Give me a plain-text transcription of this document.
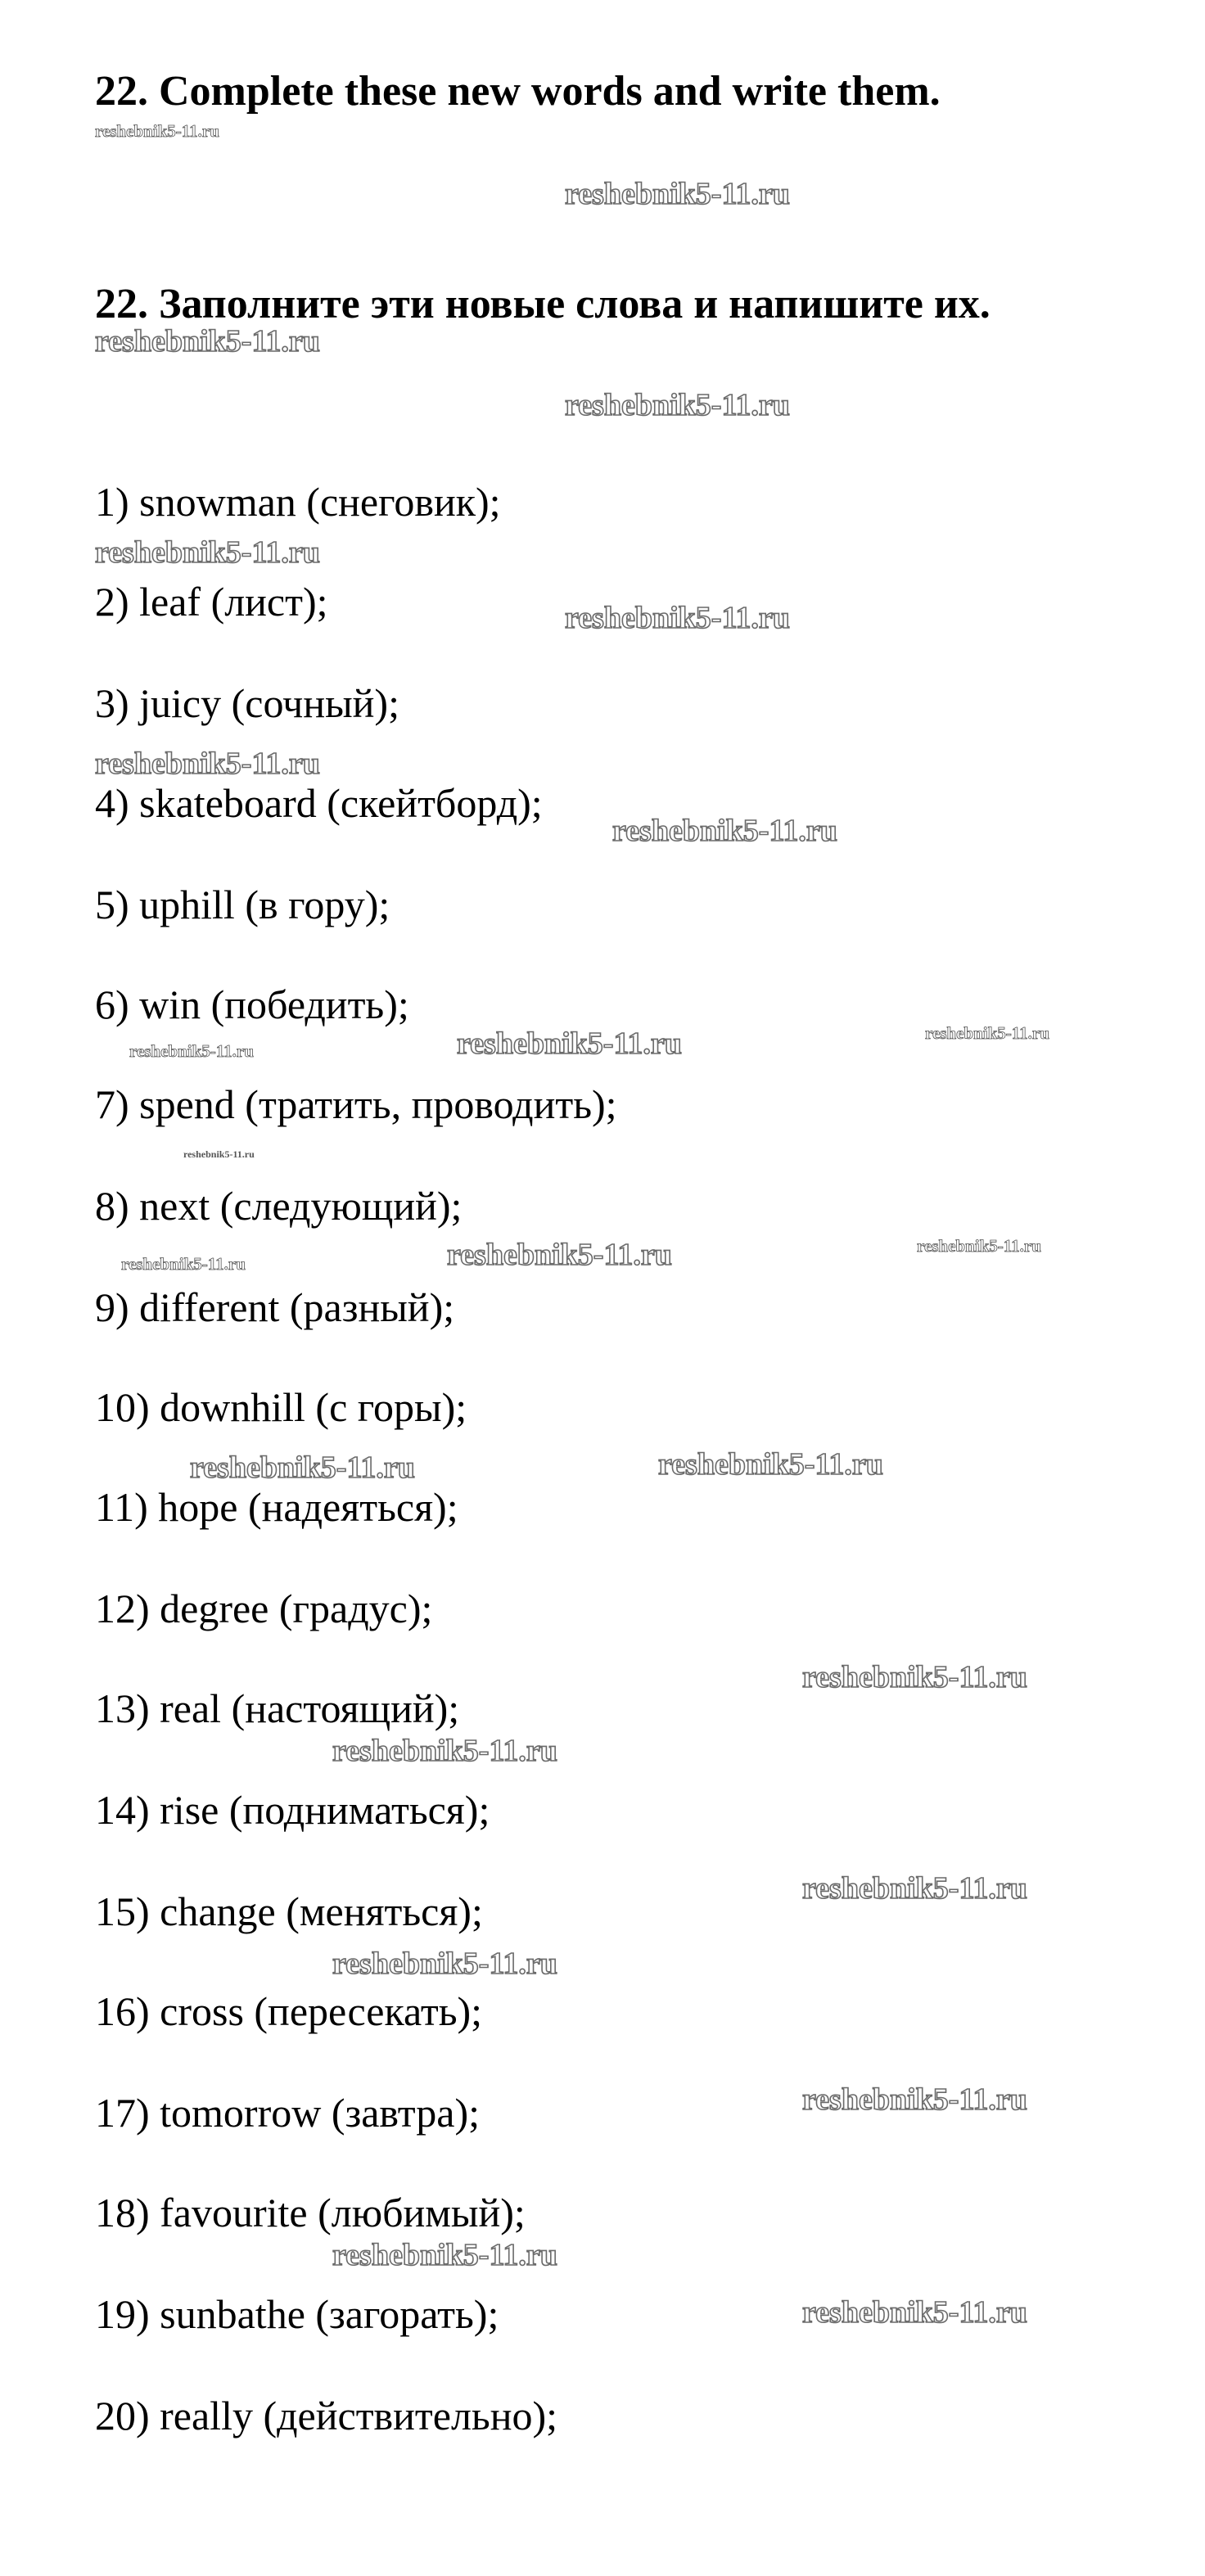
22. Complete these new words and write them.
reshebnik5-11.ru
reshebnik5-11.ru
22. Заполните эти новые слова и напишите их.
reshebnik5-11.ru
reshebnik5-11.ru
1) snowman (снеговик);
reshebnik5-11.ru
2) leaf (лист);	reshebnik5-11.ru
3) juicy (сочный);
reshebnik5-11.ru
4) skateboard (скейтборд);
reshebnik5-11.ru
5) uphill (в гору);
6) win (победить);
reshebnik5-11.ru	reshebnik5-11.ru	reshebnik5-11.ru
7) spend (тратить, проводить);
reshebnik5-11.ru
8) next (следующий);
reshebnik5-11.ru	reshebnik5-11.ru	reshebnik5-11.ru
9) different (разный);
10) downhill (с горы);
reshebnik5-11.ru	reshebnik5-11.ru
11) hope (надеяться);
12) degree (градус);
reshebnik5-11.ru
13) real (настоящий);
reshebnik5-11.ru
14) rise (подниматься);
reshebnik5-11.ru
15) change (меняться);
reshebnik5-11.ru
16) cross (пересекать);
17) tomorrow (завтра);	reshebnik5-11.ru
18) favourite (любимый);
reshebnik5-11.ru
19) sunbathe (загорать);	reshebnik5-11.ru
20) really (действительно);
